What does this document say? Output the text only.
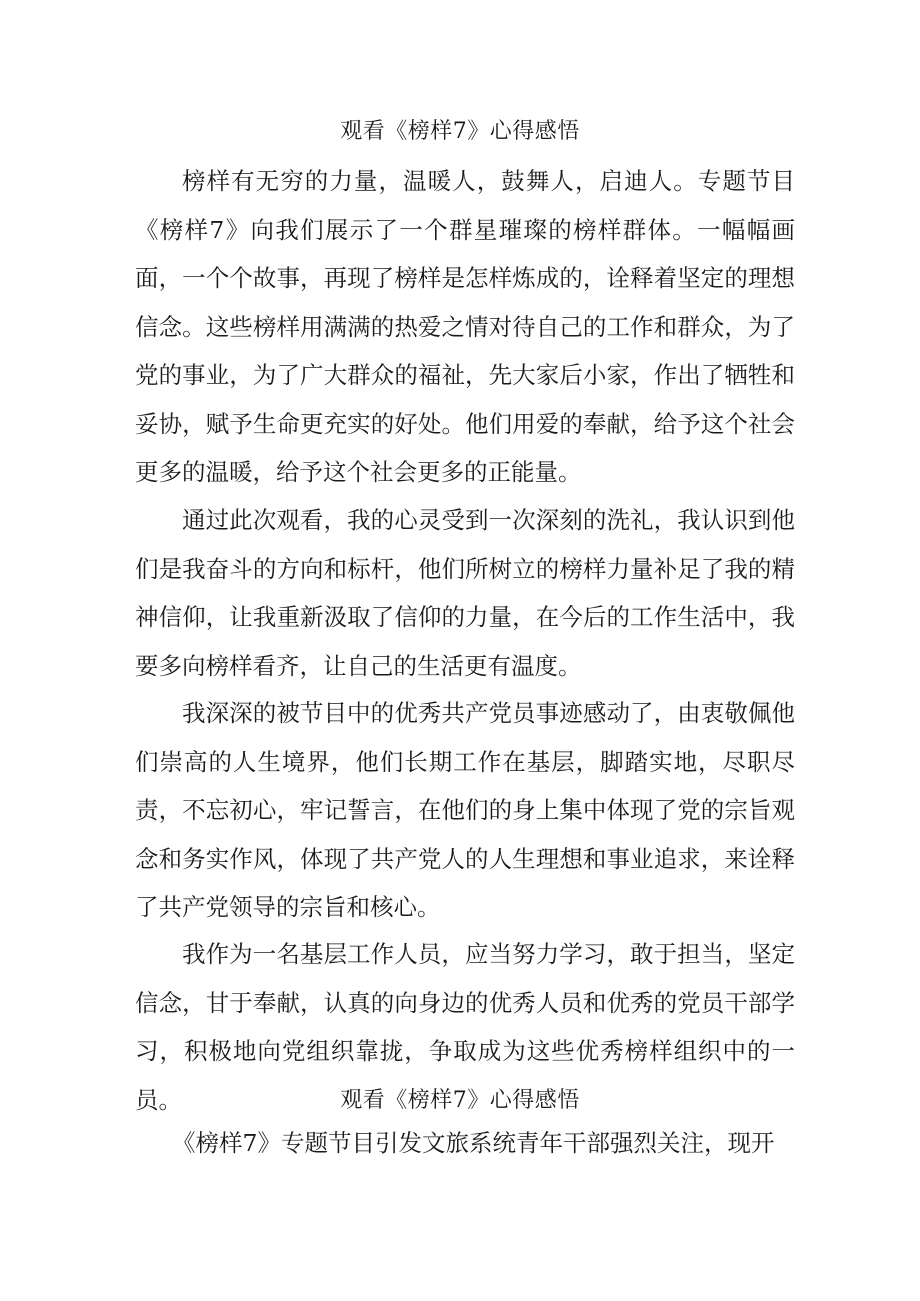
观看《榜样7》心得感悟

榜样有无穷的力量，温暖人，鼓舞人，启迪人。专题节目《榜样7》向我们展示了一个群星璀璨的榜样群体。一幅幅画面，一个个故事，再现了榜样是怎样炼成的，诠释着坚定的理想信念。这些榜样用满满的热爱之情对待自己的工作和群众，为了党的事业，为了广大群众的福祉，先大家后小家，作出了牺牲和妥协，赋予生命更充实的好处。他们用爱的奉献，给予这个社会更多的温暖，给予这个社会更多的正能量。

通过此次观看，我的心灵受到一次深刻的洗礼，我认识到他们是我奋斗的方向和标杆，他们所树立的榜样力量补足了我的精神信仰，让我重新汲取了信仰的力量，在今后的工作生活中，我要多向榜样看齐，让自己的生活更有温度。

我深深的被节目中的优秀共产党员事迹感动了，由衷敬佩他们崇高的人生境界，他们长期工作在基层，脚踏实地，尽职尽责，不忘初心，牢记誓言，在他们的身上集中体现了党的宗旨观念和务实作风，体现了共产党人的人生理想和事业追求，来诠释了共产党领导的宗旨和核心。

我作为一名基层工作人员，应当努力学习，敢于担当，坚定信念，甘于奉献，认真的向身边的优秀人员和优秀的党员干部学习，积极地向党组织靠拢，争取成为这些优秀榜样组织中的一员。	观看《榜样7》心得感悟

《榜样7》专题节目引发文旅系统青年干部强烈关注，现开
